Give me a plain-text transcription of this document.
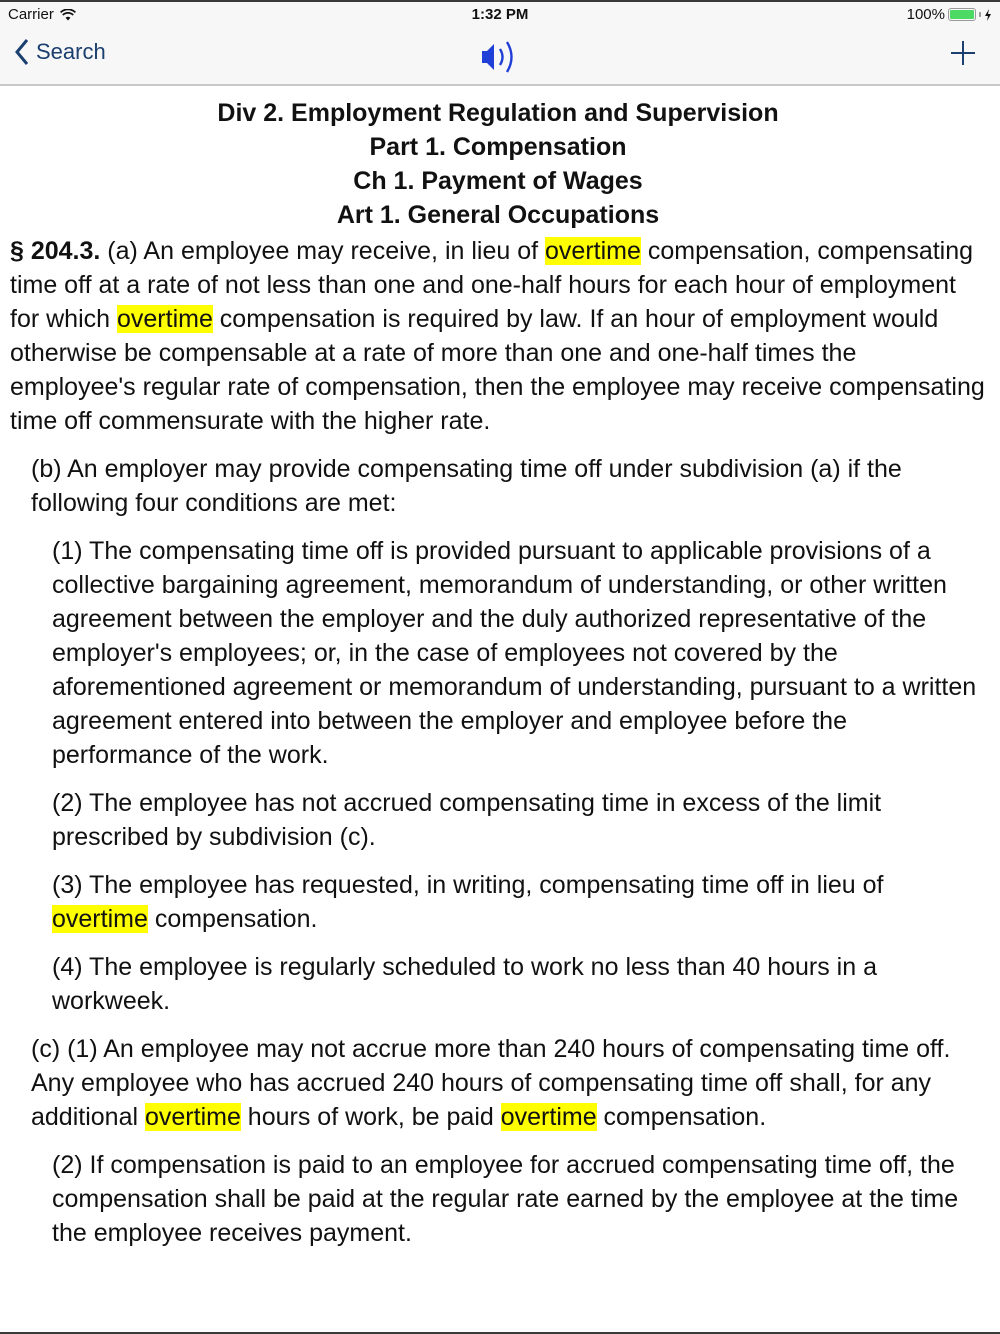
Carrier	1:32 PM	100%
Search
Div 2. Employment Regulation and Supervision
Part 1. Compensation
Ch 1. Payment of Wages
Art 1. General Occupations

§ 204.3. (a) An employee may receive, in lieu of overtime compensation, compensating time off at a rate of not less than one and one-half hours for each hour of employment for which overtime compensation is required by law. If an hour of employment would otherwise be compensable at a rate of more than one and one-half times the employee's regular rate of compensation, then the employee may receive compensating time off commensurate with the higher rate.

(b) An employer may provide compensating time off under subdivision (a) if the following four conditions are met:

(1) The compensating time off is provided pursuant to applicable provisions of a collective bargaining agreement, memorandum of understanding, or other written agreement between the employer and the duly authorized representative of the employer's employees; or, in the case of employees not covered by the aforementioned agreement or memorandum of understanding, pursuant to a written agreement entered into between the employer and employee before the performance of the work.

(2) The employee has not accrued compensating time in excess of the limit prescribed by subdivision (c).

(3) The employee has requested, in writing, compensating time off in lieu of overtime compensation.

(4) The employee is regularly scheduled to work no less than 40 hours in a workweek.

(c) (1) An employee may not accrue more than 240 hours of compensating time off. Any employee who has accrued 240 hours of compensating time off shall, for any additional overtime hours of work, be paid overtime compensation.

(2) If compensation is paid to an employee for accrued compensating time off, the compensation shall be paid at the regular rate earned by the employee at the time the employee receives payment.
